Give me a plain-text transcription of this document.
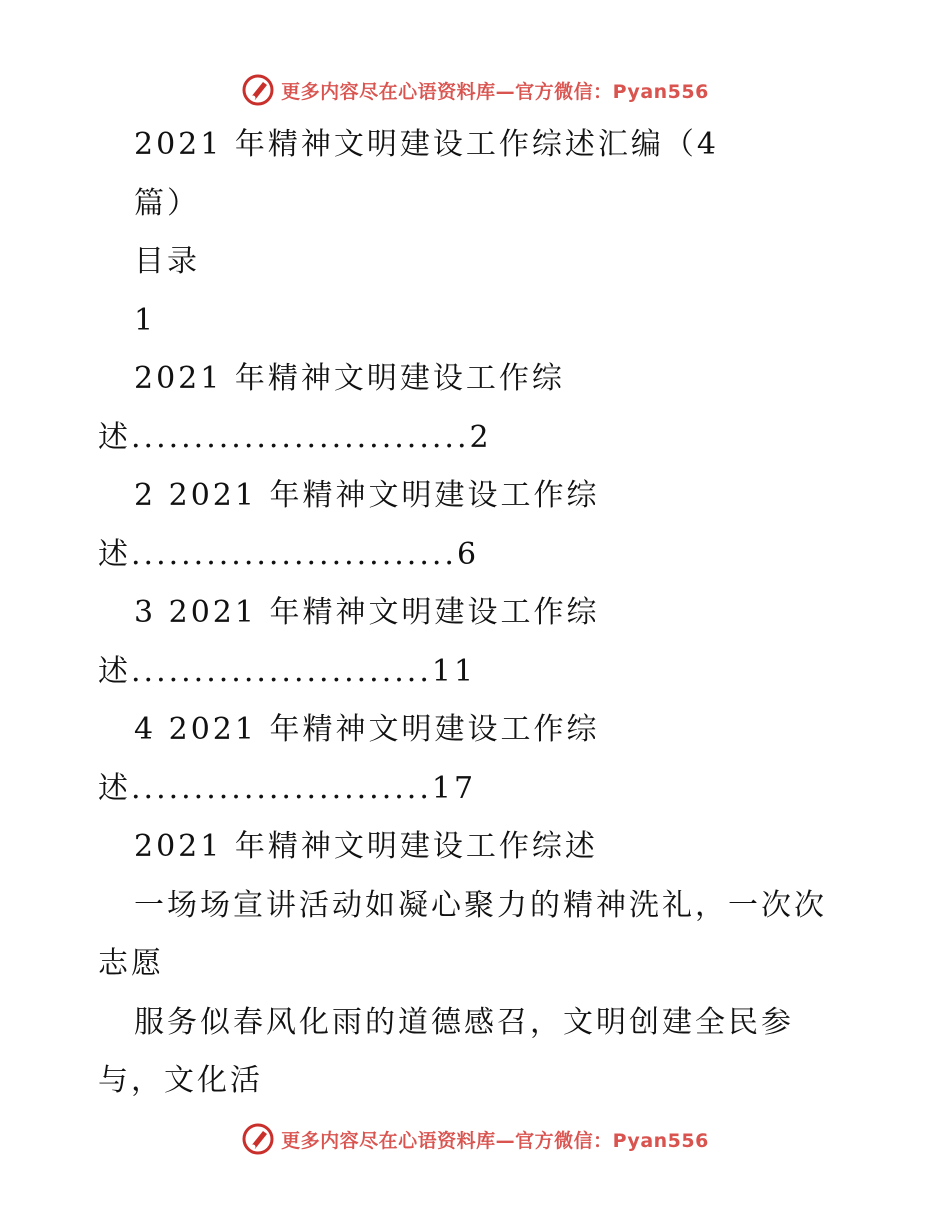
更多内容尽在心语资料库—官方微信：Pyan556
2021 年精神文明建设工作综述汇编（4
篇）
目录
1
2021 年精神文明建设工作综
述...........................2
2 2021 年精神文明建设工作综
述..........................6
3 2021 年精神文明建设工作综
述........................11
4 2021 年精神文明建设工作综
述........................17
2021 年精神文明建设工作综述
一场场宣讲活动如凝心聚力的精神洗礼，一次次
志愿
服务似春风化雨的道德感召，文明创建全民参
与，文化活
更多内容尽在心语资料库—官方微信：Pyan556
